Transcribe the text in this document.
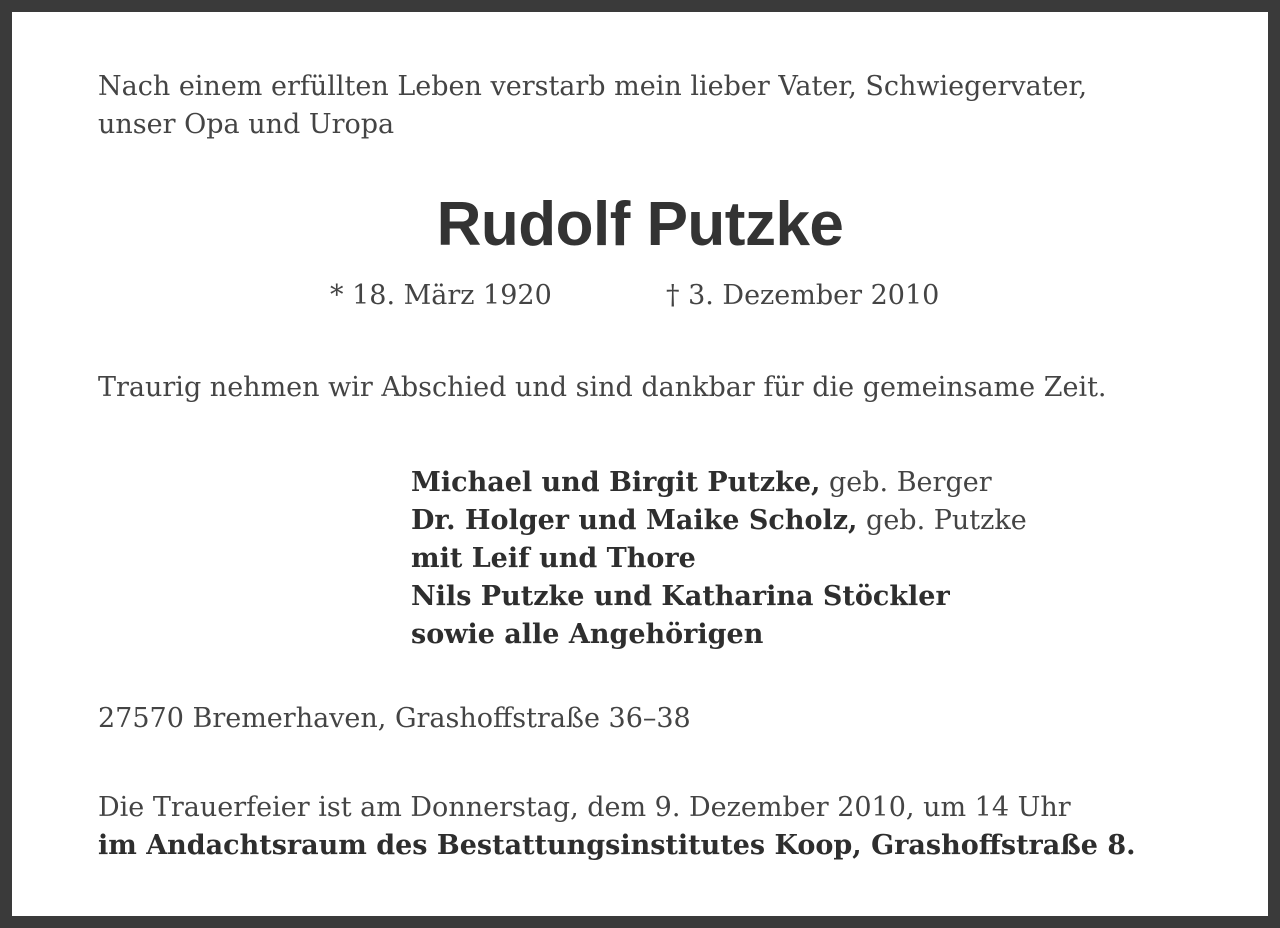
Nach einem erfüllten Leben verstarb mein lieber Vater, Schwiegervater,
unser Opa und Uropa
Rudolf Putzke
* 18. März 1920	† 3. Dezember 2010
Traurig nehmen wir Abschied und sind dankbar für die gemeinsame Zeit.
Michael und Birgit Putzke, geb. Berger
Dr. Holger und Maike Scholz, geb. Putzke
mit Leif und Thore
Nils Putzke und Katharina Stöckler
sowie alle Angehörigen
27570 Bremerhaven, Grashoffstraße 36–38
Die Trauerfeier ist am Donnerstag, dem 9. Dezember 2010, um 14 Uhr
im Andachtsraum des Bestattungsinstitutes Koop, Grashoffstraße 8.
